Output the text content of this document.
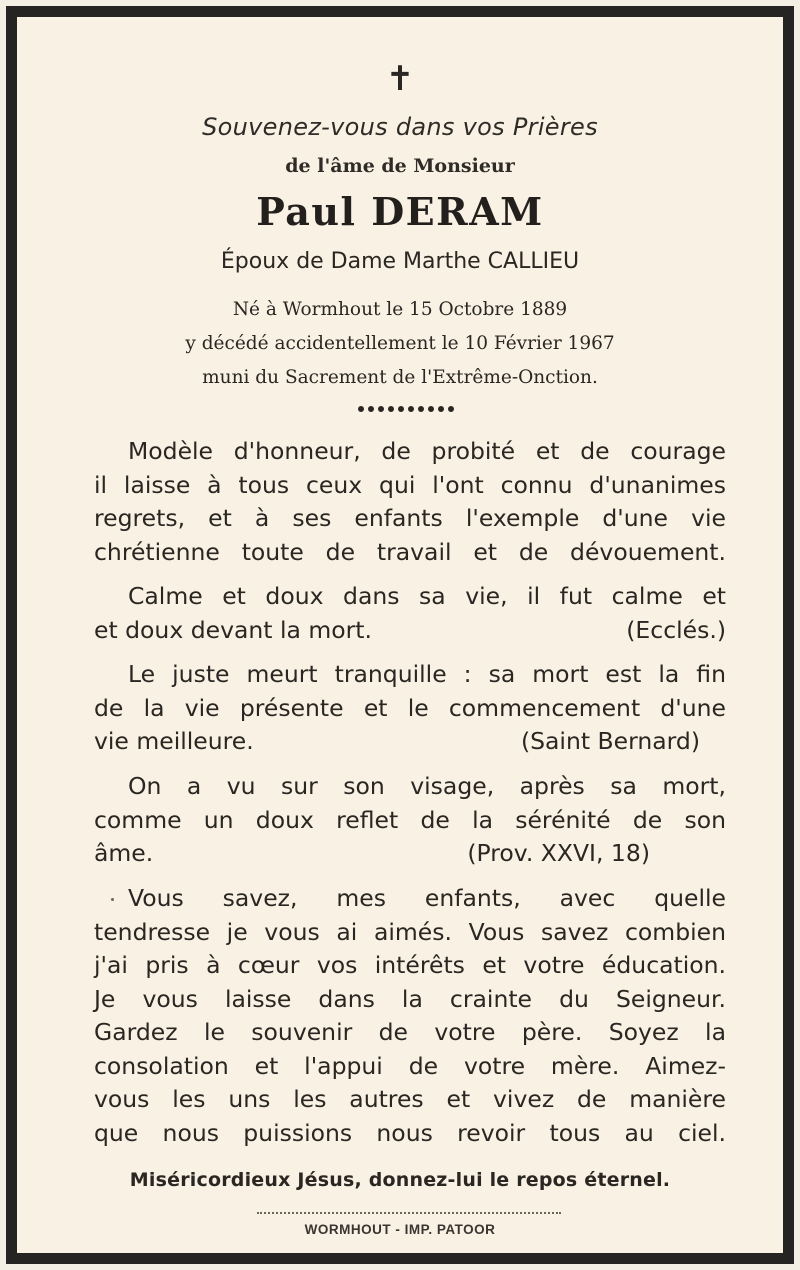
✝
Souvenez-vous dans vos Prières
de l'âme de Monsieur
Paul DERAM
Époux de Dame Marthe CALLIEU
Né à Wormhout le 15 Octobre 1889
y décédé accidentellement le 10 Février 1967
muni du Sacrement de l'Extrême-Onction.
Modèle d'honneur, de probité et de courage
il laisse à tous ceux qui l'ont connu d'unanimes
regrets, et à ses enfants l'exemple d'une vie
chrétienne toute de travail et de dévouement.
Calme et doux dans sa vie, il fut calme et
et doux devant la mort.	(Ecclés.)
Le juste meurt tranquille : sa mort est la fin
de la vie présente et le commencement d'une
vie meilleure.	(Saint Bernard)
On a vu sur son visage, après sa mort,
comme un doux reflet de la sérénité de son
âme.	(Prov. XXVI, 18)
Vous savez, mes enfants, avec quelle
tendresse je vous ai aimés. Vous savez combien
j'ai pris à cœur vos intérêts et votre éducation.
Je vous laisse dans la crainte du Seigneur.
Gardez le souvenir de votre père. Soyez la
consolation et l'appui de votre mère. Aimez-
vous les uns les autres et vivez de manière
que nous puissions nous revoir tous au ciel.
Miséricordieux Jésus, donnez-lui le repos éternel.
WORMHOUT - IMP. PATOOR
